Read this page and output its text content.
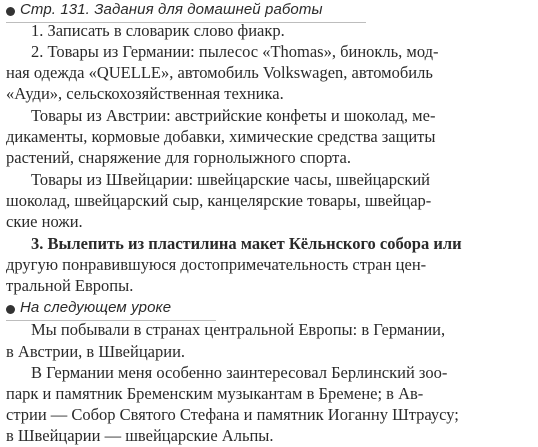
Стр. 131. Задания для домашней работы
1. Записать в словарик слово фиакр.
2. Товары из Германии: пылесос «Thomas», бинокль, мод-
ная одежда «QUELLE», автомобиль Volkswagen, автомобиль
«Ауди», сельскохозяйственная техника.
Товары из Австрии: австрийские конфеты и шоколад, ме-
дикаменты, кормовые добавки, химические средства защиты
растений, снаряжение для горнолыжного спорта.
Товары из Швейцарии: швейцарские часы, швейцарский
шоколад, швейцарский сыр, канцелярские товары, швейцар-
ские ножи.
3. Вылепить из пластилина макет Кёльнского собора или
другую понравившуюся достопримечательность стран цен-
тральной Европы.
На следующем уроке
Мы побывали в странах центральной Европы: в Германии,
в Австрии, в Швейцарии.
В Германии меня особенно заинтересовал Берлинский зоо-
парк и памятник Бременским музыкантам в Бремене; в Ав-
стрии — Собор Святого Стефана и памятник Иоганну Штраусу;
в Швейцарии — швейцарские Альпы.
